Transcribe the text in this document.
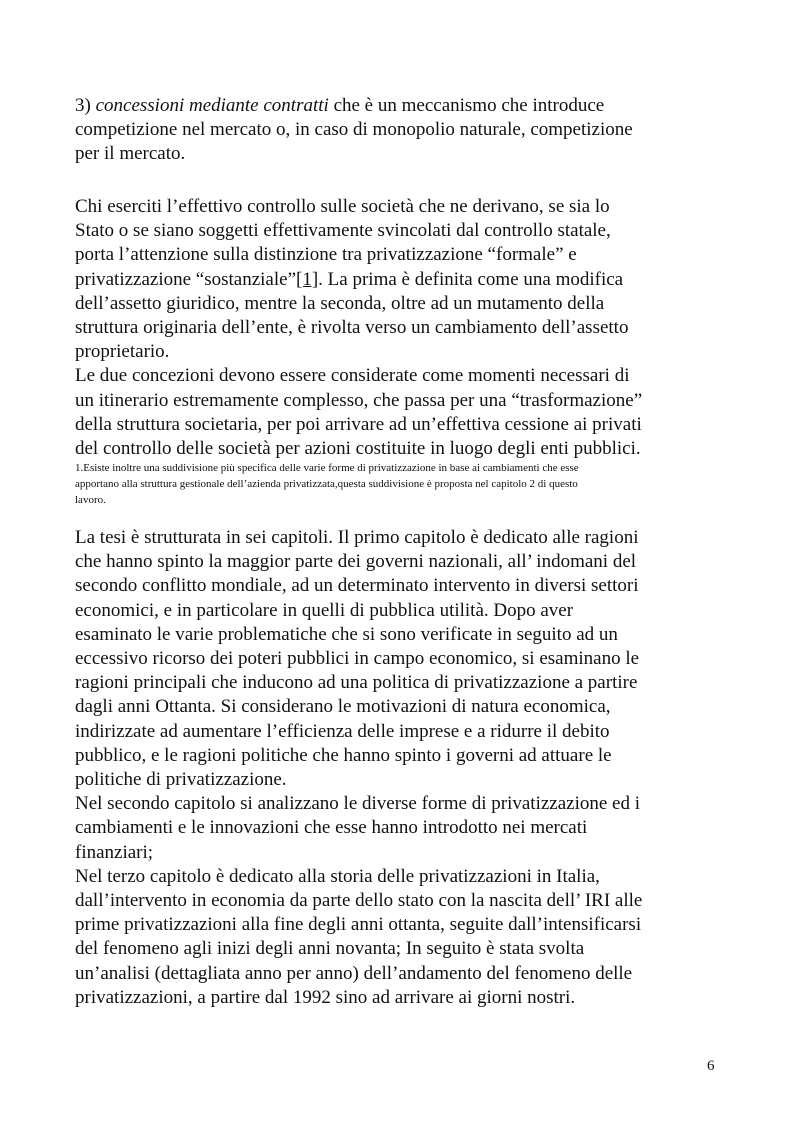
3) concessioni mediante contratti che è un meccanismo che introduce
competizione nel mercato o, in caso di monopolio naturale, competizione
per il mercato.

Chi eserciti l’effettivo controllo sulle società che ne derivano, se sia lo
Stato o se siano soggetti effettivamente svincolati dal controllo statale,
porta l’attenzione sulla distinzione tra privatizzazione “formale” e
privatizzazione “sostanziale”[1]. La prima è definita come una modifica
dell’assetto giuridico, mentre la seconda, oltre ad un mutamento della
struttura originaria dell’ente, è rivolta verso un cambiamento dell’assetto
proprietario.
Le due concezioni devono essere considerate come momenti necessari di
un itinerario estremamente complesso, che passa per una “trasformazione”
della struttura societaria, per poi arrivare ad un’effettiva cessione ai privati
del controllo delle società per azioni costituite in luogo degli enti pubblici.

1.Esiste inoltre una suddivisione più specifica delle varie forme di privatizzazione in base ai cambiamenti che esse
apportano alla struttura gestionale dell’azienda privatizzata,questa suddivisione è proposta nel capitolo 2 di questo
lavoro.

La tesi è strutturata in sei capitoli. Il primo capitolo è dedicato alle ragioni
che hanno spinto la maggior parte dei governi nazionali, all’ indomani del
secondo conflitto mondiale, ad un determinato intervento in diversi settori
economici, e in particolare in quelli di pubblica utilità. Dopo aver
esaminato le varie problematiche che si sono verificate in seguito ad un
eccessivo ricorso dei poteri pubblici in campo economico, si esaminano le
ragioni principali che inducono ad una politica di privatizzazione a partire
dagli anni Ottanta. Si considerano le motivazioni di natura economica,
indirizzate ad aumentare l’efficienza delle imprese e a ridurre il debito
pubblico, e le ragioni politiche che hanno spinto i governi ad attuare le
politiche di privatizzazione.
Nel secondo capitolo si analizzano le diverse forme di privatizzazione ed i
cambiamenti e le innovazioni che esse hanno introdotto nei mercati
finanziari;
Nel terzo capitolo è dedicato alla storia delle privatizzazioni in Italia,
dall’intervento in economia da parte dello stato con la nascita dell’ IRI alle
prime privatizzazioni alla fine degli anni ottanta, seguite dall’intensificarsi
del fenomeno agli inizi degli anni novanta; In seguito è stata svolta
un’analisi (dettagliata anno per anno) dell’andamento del fenomeno delle
privatizzazioni, a partire dal 1992 sino ad arrivare ai giorni nostri.

6
